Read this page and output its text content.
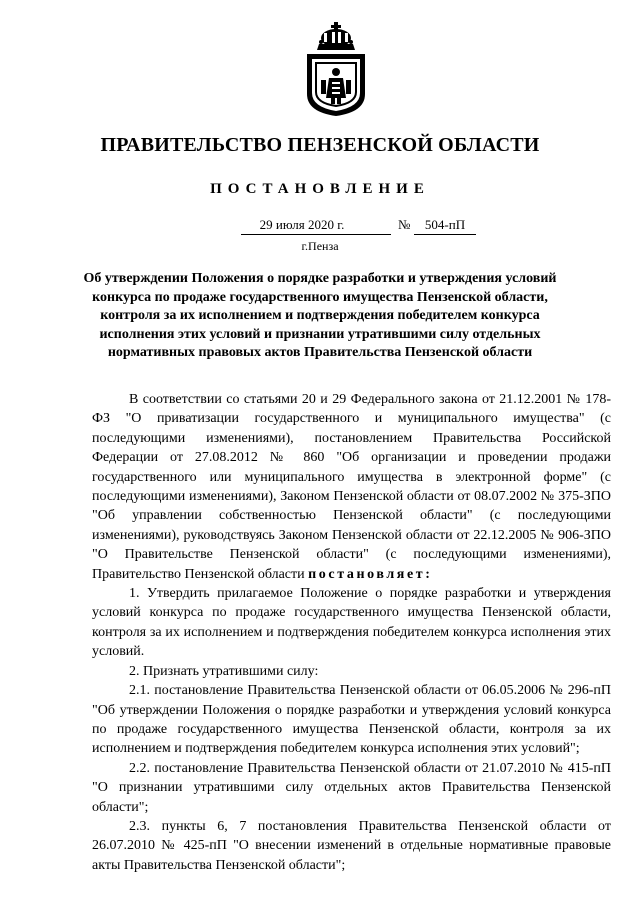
ПРАВИТЕЛЬСТВО ПЕНЗЕНСКОЙ ОБЛАСТИ
ПОСТАНОВЛЕНИЕ
29 июля 2020 г.	№	504-пП
г.Пенза
Об утверждении Положения о порядке разработки и утверждения условий конкурса по продаже государственного имущества Пензенской области, контроля за их исполнением и подтверждения победителем конкурса исполнения этих условий и признании утратившими силу отдельных нормативных правовых актов Правительства Пензенской области

В соответствии со статьями 20 и 29 Федерального закона от 21.12.2001 № 178-ФЗ "О приватизации государственного и муниципального имущества" (с последующими изменениями), постановлением Правительства Российской Федерации от 27.08.2012 № 860 "Об организации и проведении продажи государственного или муниципального имущества в электронной форме" (с последующими изменениями), Законом Пензенской области от 08.07.2002 № 375-ЗПО "Об управлении собственностью Пензенской области" (с последующими изменениями), руководствуясь Законом Пензенской области от 22.12.2005 № 906-ЗПО "О Правительстве Пензенской области" (с последующими изменениями), Правительство Пензенской области постановляет:

1. Утвердить прилагаемое Положение о порядке разработки и утверждения условий конкурса по продаже государственного имущества Пензенской области, контроля за их исполнением и подтверждения победителем конкурса исполнения этих условий.

2. Признать утратившими силу:

2.1. постановление Правительства Пензенской области от 06.05.2006 № 296-пП "Об утверждении Положения о порядке разработки и утверждения условий конкурса по продаже государственного имущества Пензенской области, контроля за их исполнением и подтверждения победителем конкурса исполнения этих условий";

2.2. постановление Правительства Пензенской области от 21.07.2010 № 415-пП "О признании утратившими силу отдельных актов Правительства Пензенской области";

2.3. пункты 6, 7 постановления Правительства Пензенской области от 26.07.2010 № 425-пП "О внесении изменений в отдельные нормативные правовые акты Правительства Пензенской области";
